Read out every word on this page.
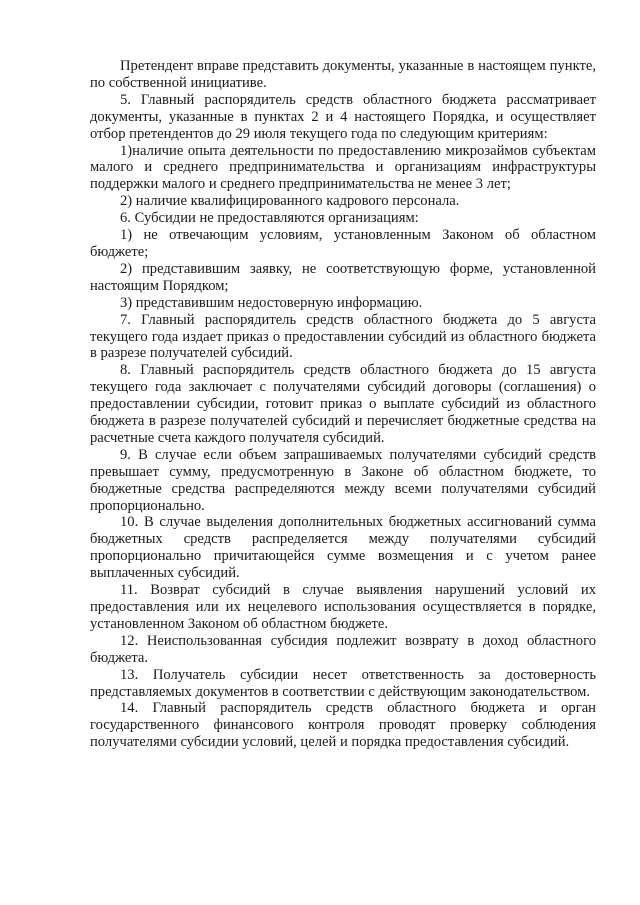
Претендент вправе представить документы, указанные в настоящем пункте, по собственной инициативе.

5. Главный распорядитель средств областного бюджета рассматривает документы, указанные в пунктах 2 и 4 настоящего Порядка, и осуществляет отбор претендентов до 29 июля текущего года по следующим критериям:

1)наличие опыта деятельности по предоставлению микрозаймов субъектам малого и среднего предпринимательства и организациям инфраструктуры поддержки малого и среднего предпринимательства не менее 3 лет;

2) наличие квалифицированного кадрового персонала.

6. Субсидии не предоставляются организациям:

1) не отвечающим условиям, установленным Законом об областном бюджете;

2) представившим заявку, не соответствующую форме, установленной настоящим Порядком;

3) представившим недостоверную информацию.

7. Главный распорядитель средств областного бюджета до 5 августа текущего года издает приказ о предоставлении субсидий из областного бюджета в разрезе получателей субсидий.

8. Главный распорядитель средств областного бюджета до 15 августа текущего года заключает с получателями субсидий договоры (соглашения) о предоставлении субсидии, готовит приказ о выплате субсидий из областного бюджета в разрезе получателей субсидий и перечисляет бюджетные средства на расчетные счета каждого получателя субсидий.

9. В случае если объем запрашиваемых получателями субсидий средств превышает сумму, предусмотренную в Законе об областном бюджете, то бюджетные средства распределяются между всеми получателями субсидий пропорционально.

10. В случае выделения дополнительных бюджетных ассигнований сумма бюджетных средств распределяется между получателями субсидий пропорционально причитающейся сумме возмещения и с учетом ранее выплаченных субсидий.

11. Возврат субсидий в случае выявления нарушений условий их предоставления или их нецелевого использования осуществляется в порядке, установленном Законом об областном бюджете.

12. Неиспользованная субсидия подлежит возврату в доход областного бюджета.

13. Получатель субсидии несет ответственность за достоверность представляемых документов в соответствии с действующим законодательством.

14. Главный распорядитель средств областного бюджета и орган государственного финансового контроля проводят проверку соблюдения получателями субсидии условий, целей и порядка предоставления субсидий.
